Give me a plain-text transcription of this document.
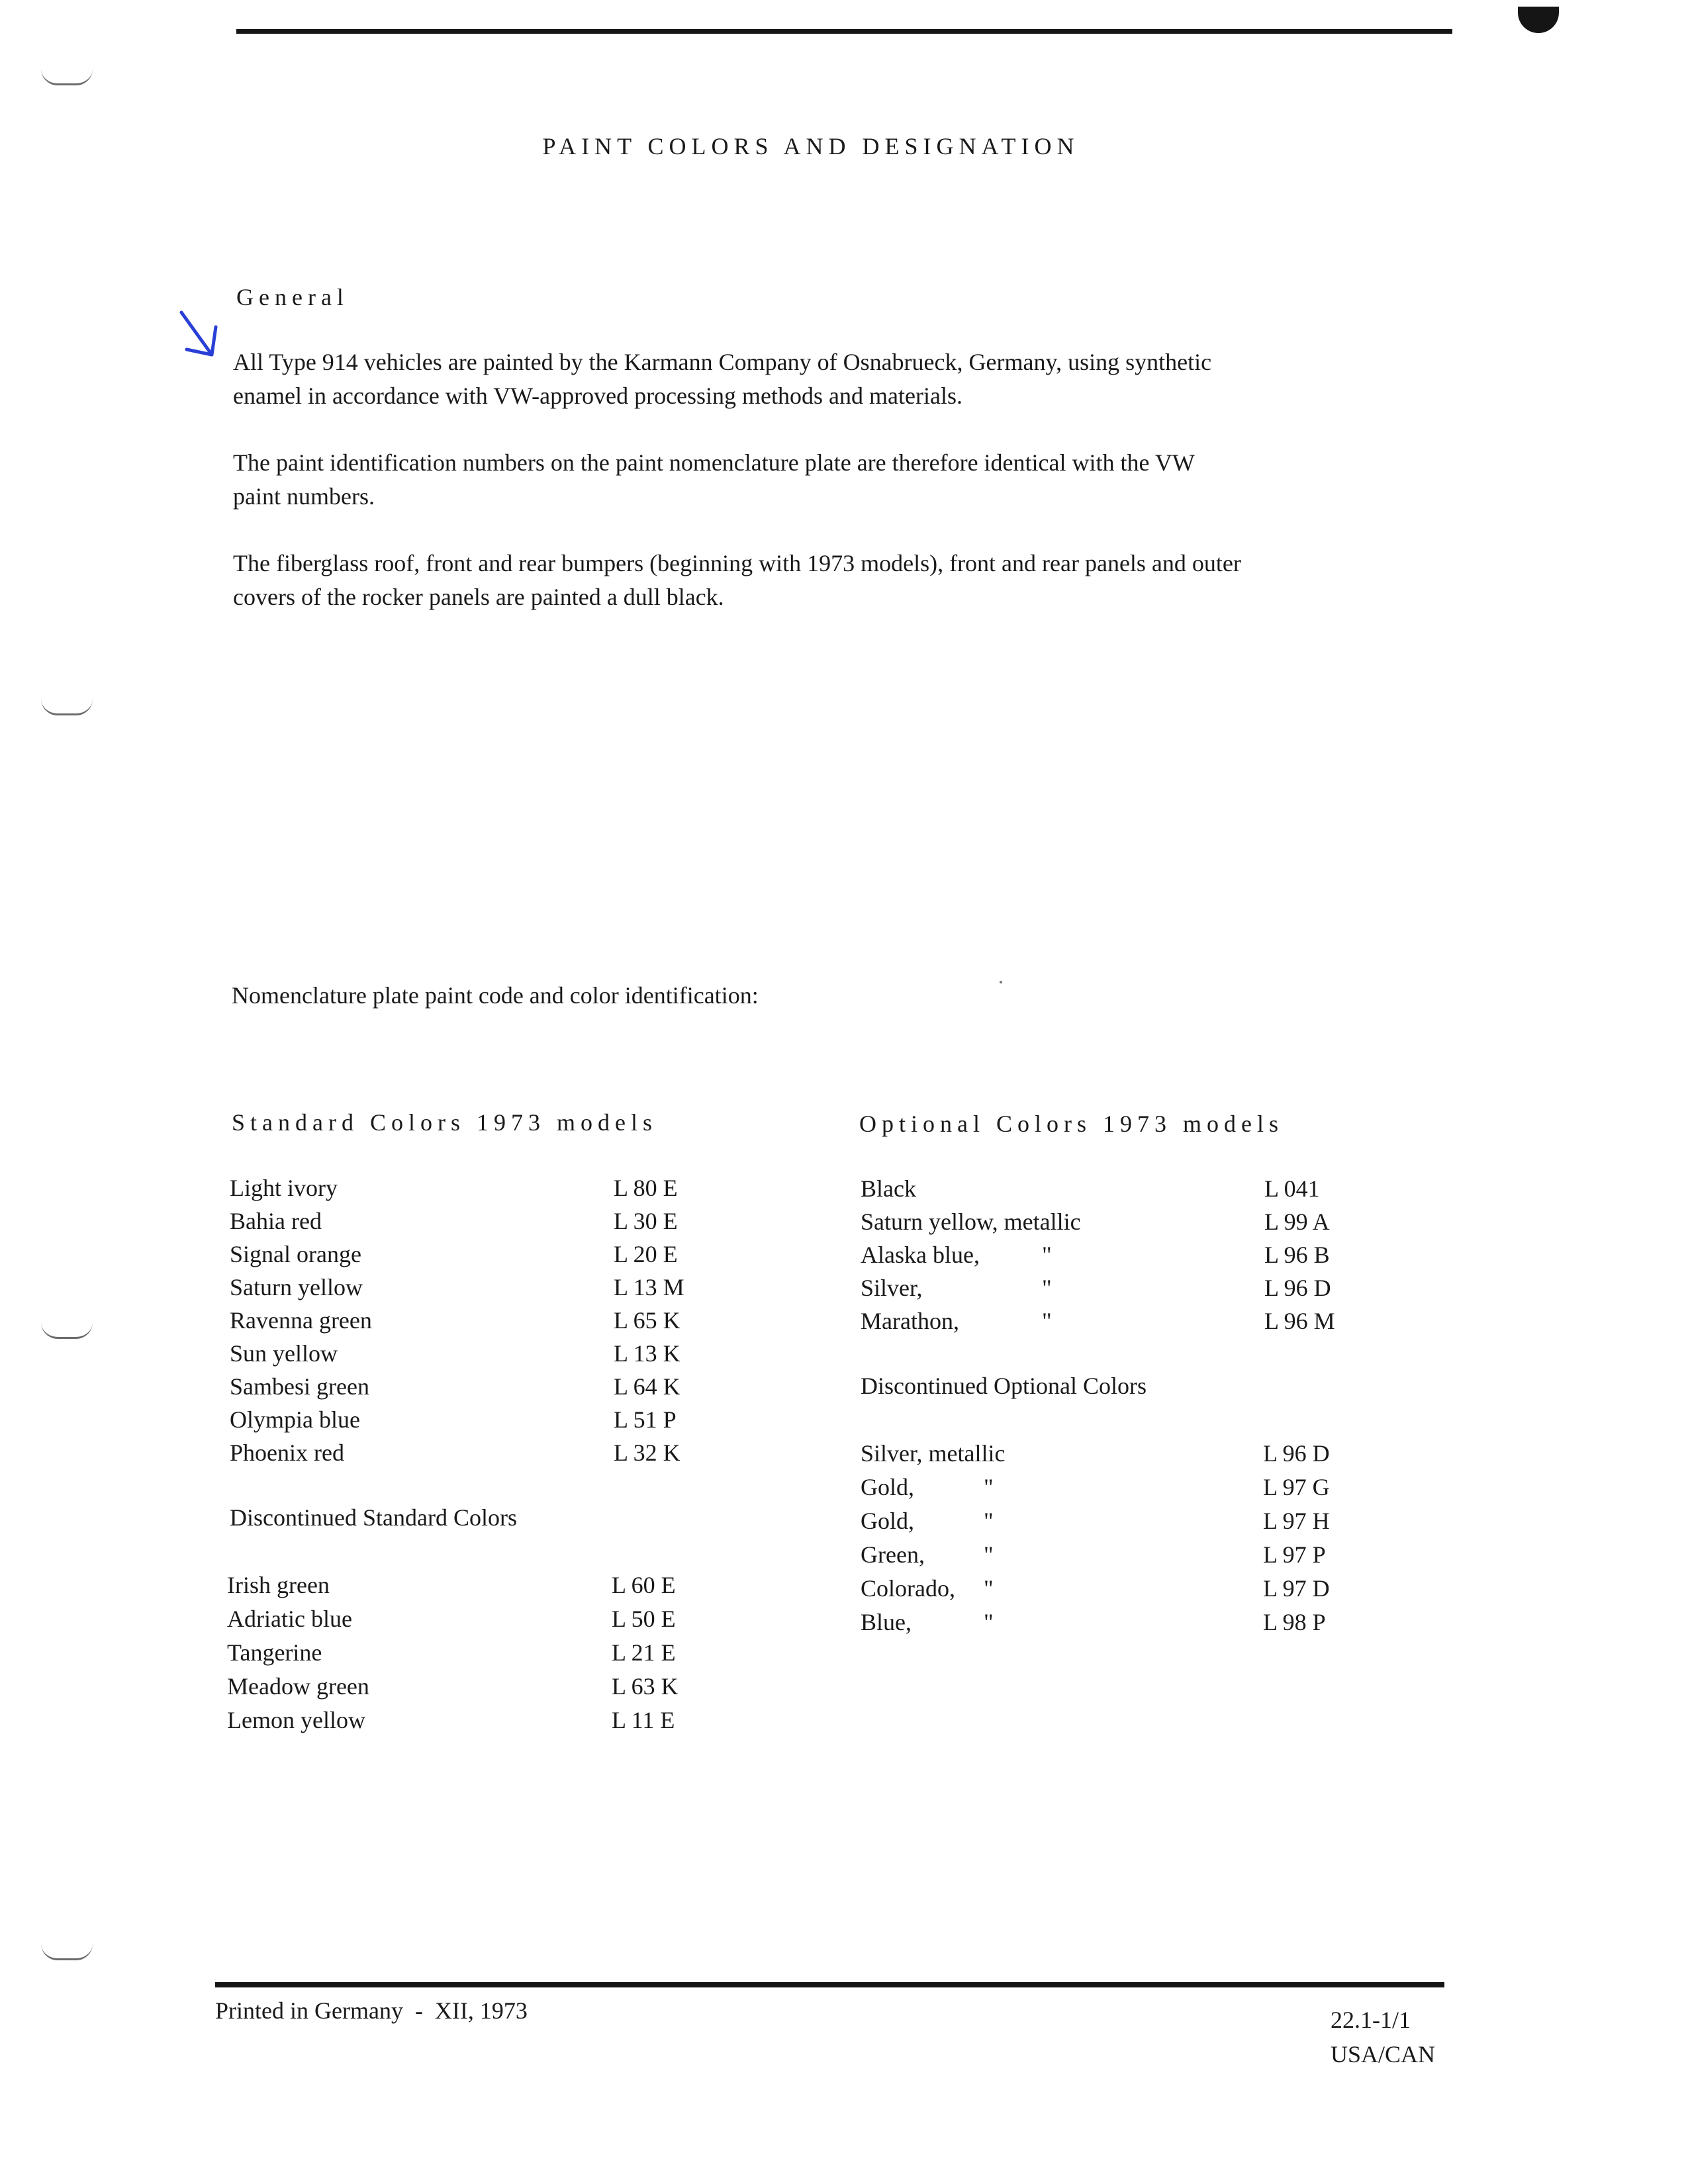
PAINT COLORS AND DESIGNATION
General
All Type 914 vehicles are painted by the Karmann Company of Osnabrueck, Germany, using synthetic
enamel in accordance with VW-approved processing methods and materials.
The paint identification numbers on the paint nomenclature plate are therefore identical with the VW
paint numbers.
The fiberglass roof, front and rear bumpers (beginning with 1973 models), front and rear panels and outer
covers of the rocker panels are painted a dull black.
Nomenclature plate paint code and color identification:
Standard Colors 1973 models
Light ivory	L 80 E
Bahia red	L 30 E
Signal orange	L 20 E
Saturn yellow	L 13 M
Ravenna green	L 65 K
Sun yellow	L 13 K
Sambesi green	L 64 K
Olympia blue	L 51 P
Phoenix red	L 32 K
Discontinued Standard Colors
Irish green	L 60 E
Adriatic blue	L 50 E
Tangerine	L 21 E
Meadow green	L 63 K
Lemon yellow	L 11 E
Optional Colors 1973 models
Black	L 041
Saturn yellow, metallic	L 99 A
Alaska blue,	"	L 96 B
Silver,	"	L 96 D
Marathon,	"	L 96 M
Discontinued Optional Colors
Silver, metallic	L 96 D
Gold,	"	L 97 G
Gold,	"	L 97 H
Green, "	L 97 P
Colorado, "	L 97 D
Blue,	"	L 98 P
Printed in Germany  -  XII, 1973	22.1-1/1
USA/CAN
